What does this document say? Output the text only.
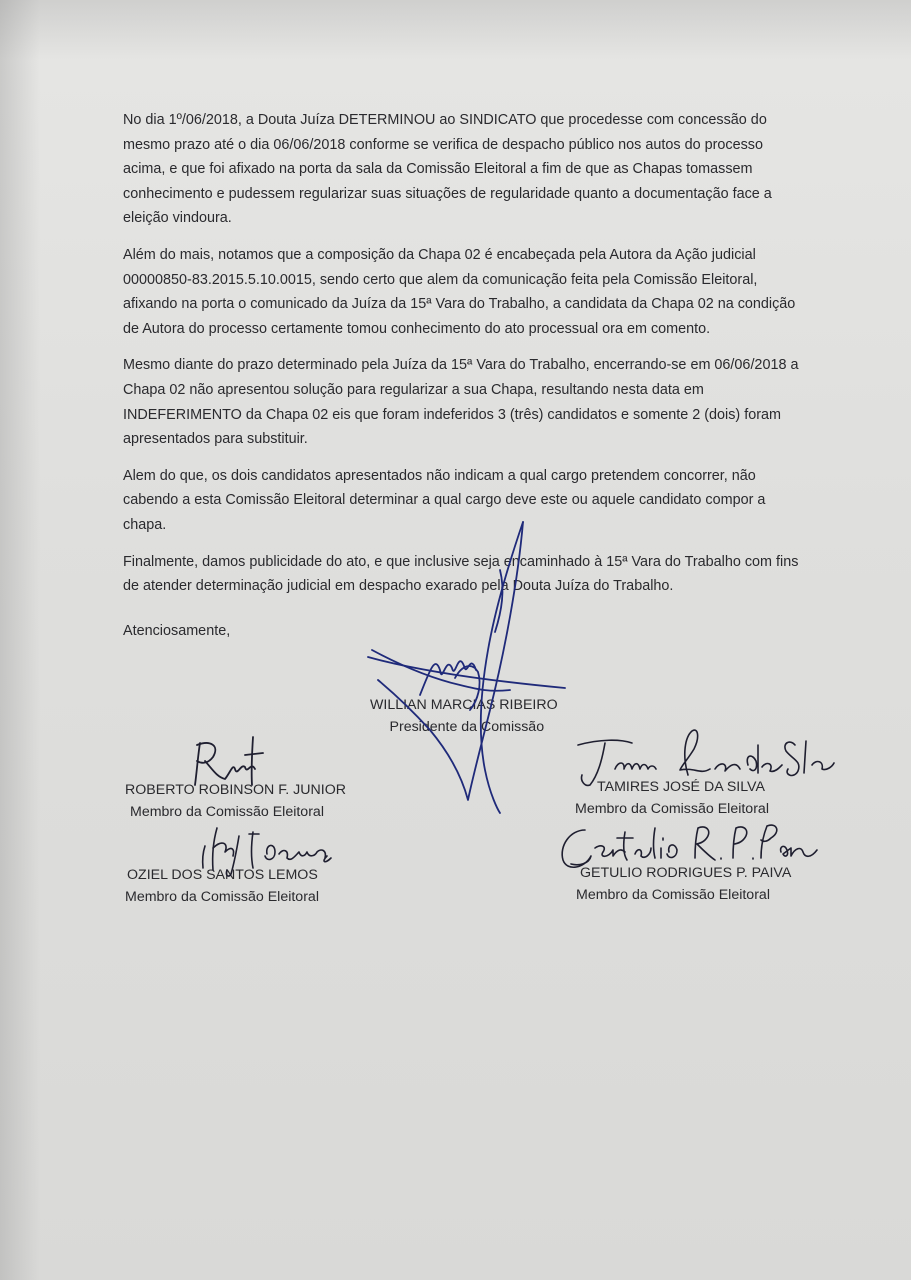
No dia 1º/06/2018, a Douta Juíza DETERMINOU ao SINDICATO que procedesse com concessão do mesmo prazo até o dia 06/06/2018 conforme se verifica de despacho público nos autos do processo acima, e que foi afixado na porta da sala da Comissão Eleitoral a fim de que as Chapas tomassem conhecimento e pudessem regularizar suas situações de regularidade quanto a documentação face a eleição vindoura.

Além do mais, notamos que a composição da Chapa 02 é encabeçada pela Autora da Ação judicial 00000850-83.2015.5.10.0015, sendo certo que alem da comunicação feita pela Comissão Eleitoral, afixando na porta o comunicado da Juíza da 15ª Vara do Trabalho, a candidata da Chapa 02 na condição de Autora do processo certamente tomou conhecimento do ato processual ora em comento.

Mesmo diante do prazo determinado pela Juíza da 15ª Vara do Trabalho, encerrando-se em 06/06/2018 a Chapa 02 não apresentou solução para regularizar a sua Chapa, resultando nesta data em INDEFERIMENTO da Chapa 02 eis que foram indeferidos 3 (três) candidatos e somente 2 (dois) foram apresentados para substituir.

Alem do que, os dois candidatos apresentados não indicam a qual cargo pretendem concorrer, não cabendo a esta Comissão Eleitoral determinar a qual cargo deve este ou aquele candidato compor a chapa.

Finalmente, damos publicidade do ato, e que inclusive seja encaminhado à 15ª Vara do Trabalho com fins de atender determinação judicial em despacho exarado pela Douta Juíza do Trabalho.

Atenciosamente,

WILLIAN MARCIAS RIBEIRO
Presidente da Comissão
ROBERTO ROBINSON F. JUNIOR
Membro da Comissão Eleitoral
TAMIRES JOSÉ DA SILVA
Membro da Comissão Eleitoral
OZIEL DOS SANTOS LEMOS
Membro da Comissão Eleitoral
GETULIO RODRIGUES P. PAIVA
Membro da Comissão Eleitoral
